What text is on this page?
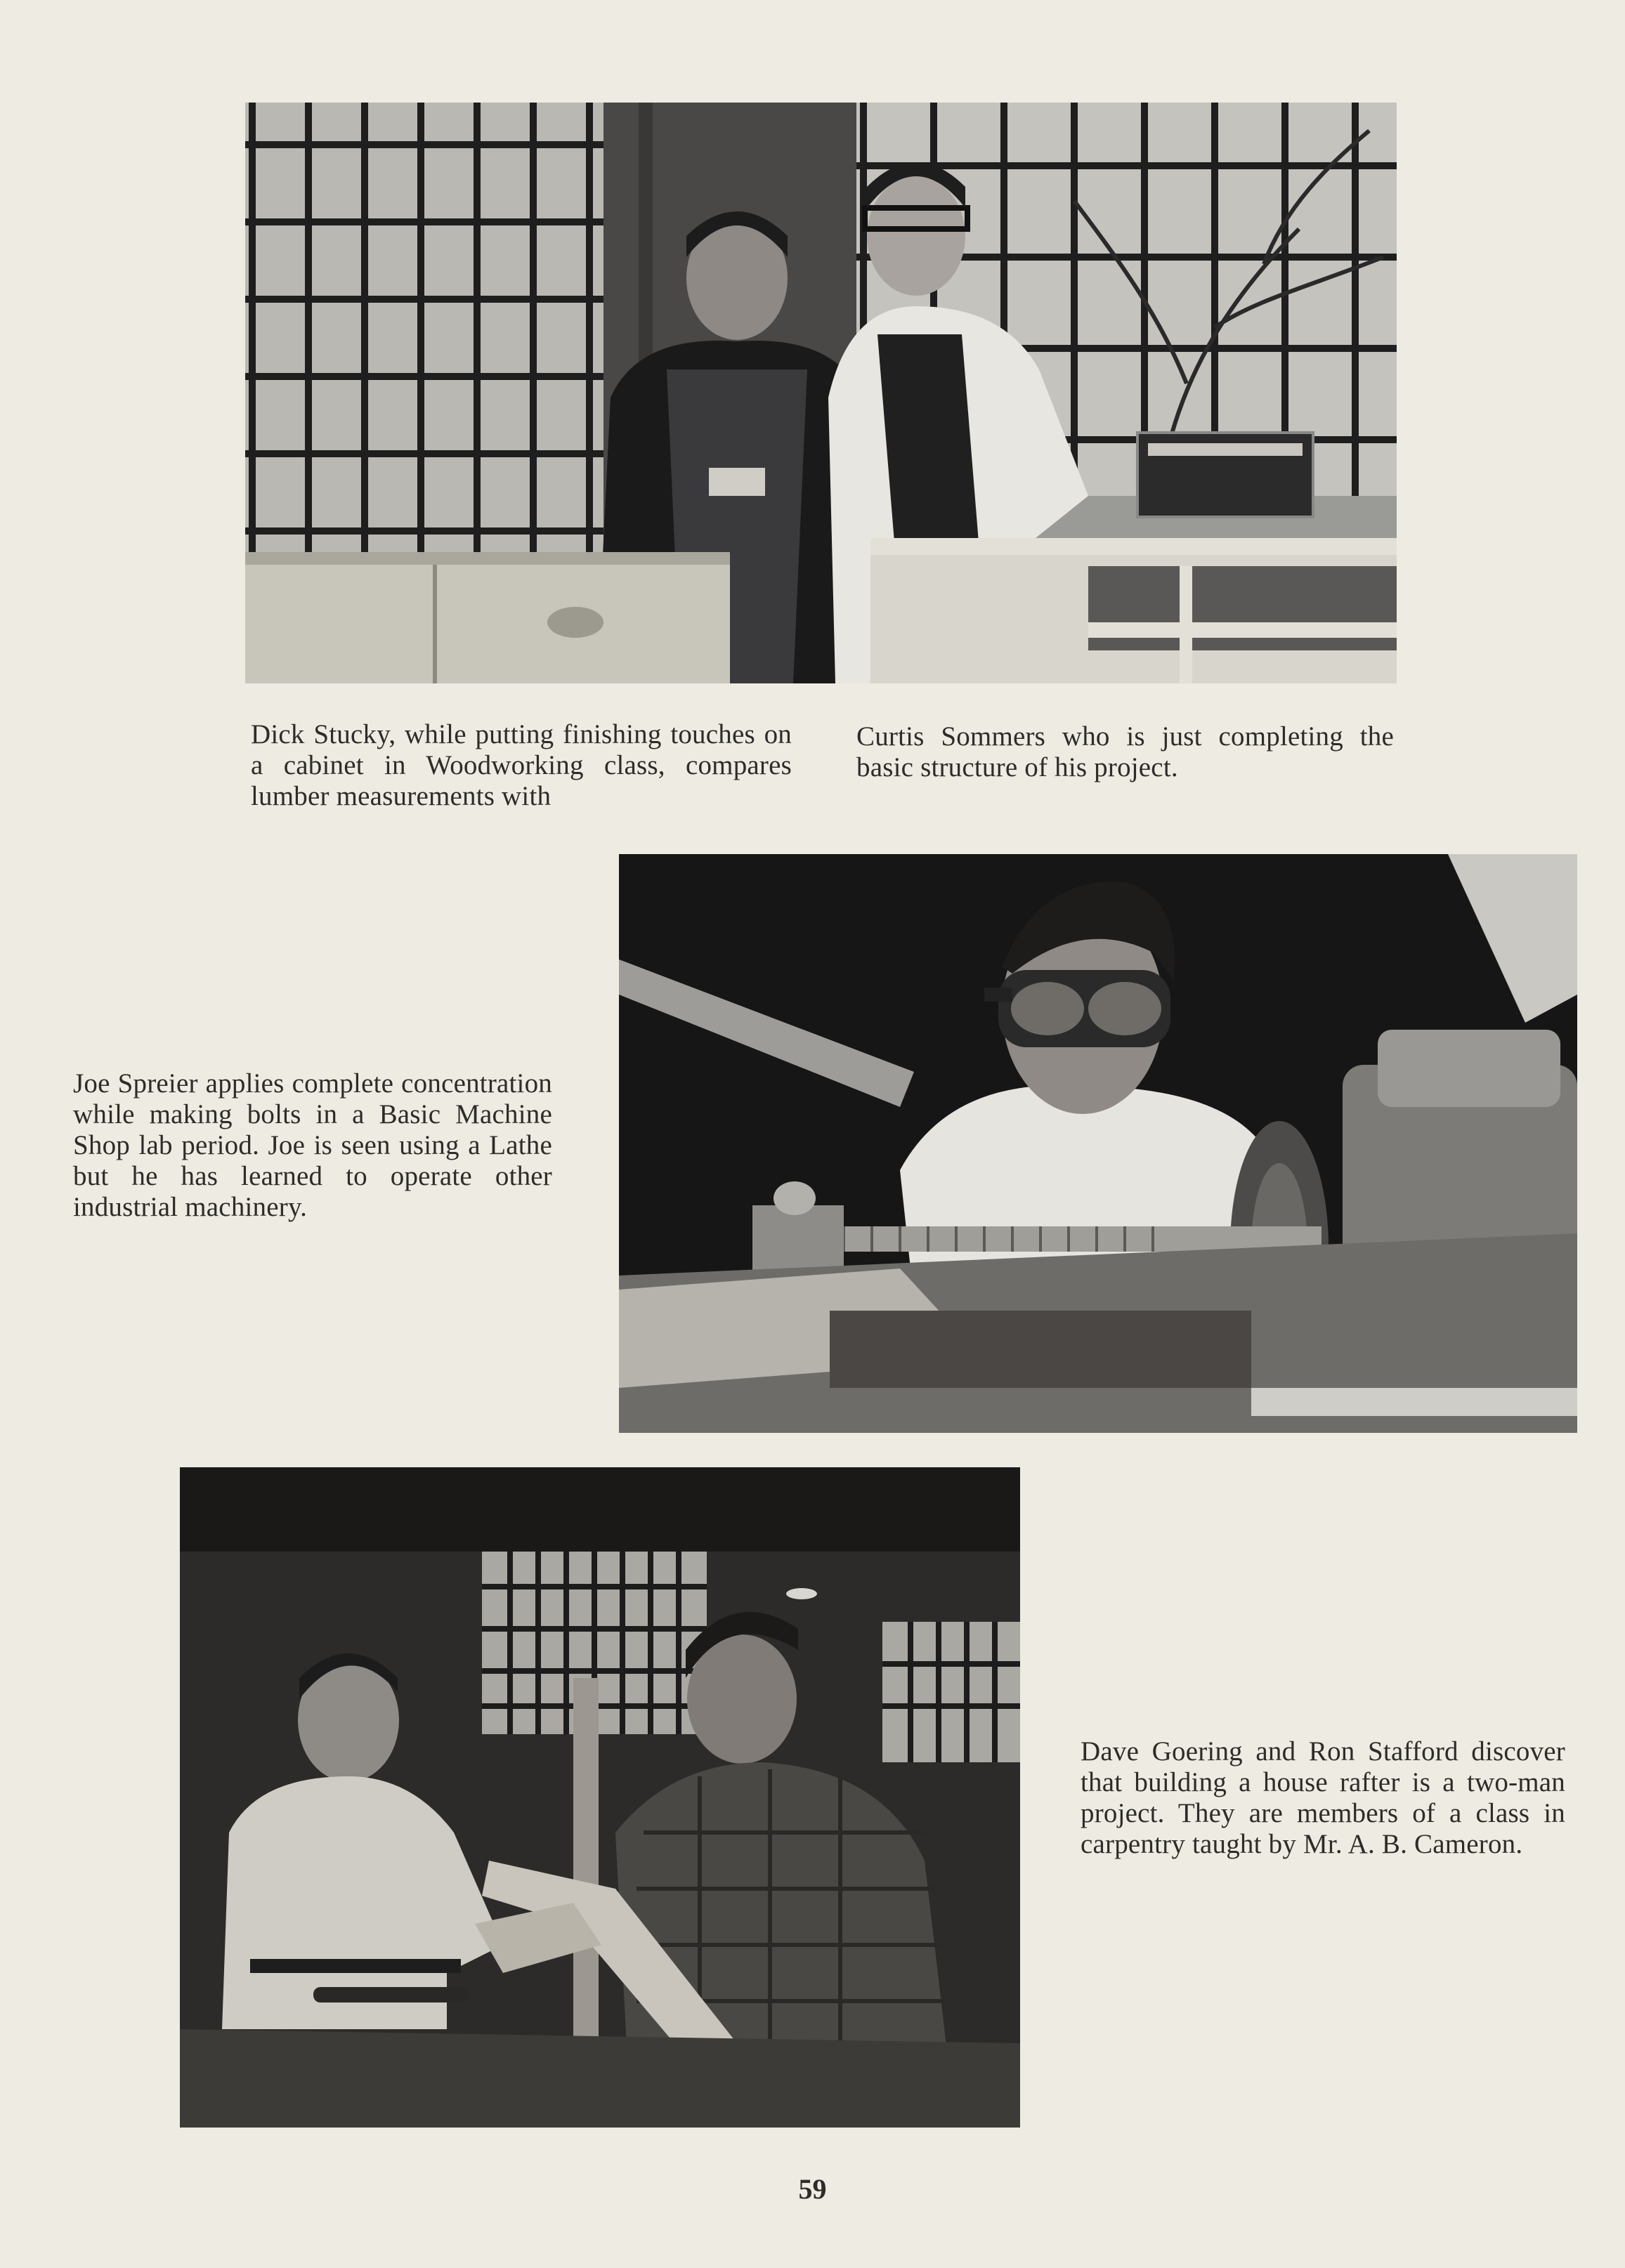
Dick Stucky, while putting finishing touches on a cabinet in Woodworking class, compares lumber measurements with
Curtis Sommers who is just completing the basic structure of his project.
Joe Spreier applies complete concentration while making bolts in a Basic Machine Shop lab period. Joe is seen using a Lathe but he has learned to operate other industrial machinery.
Dave Goering and Ron Stafford discover that building a house rafter is a two-man project. They are members of a class in carpentry taught by Mr. A. B. Cameron.
59
